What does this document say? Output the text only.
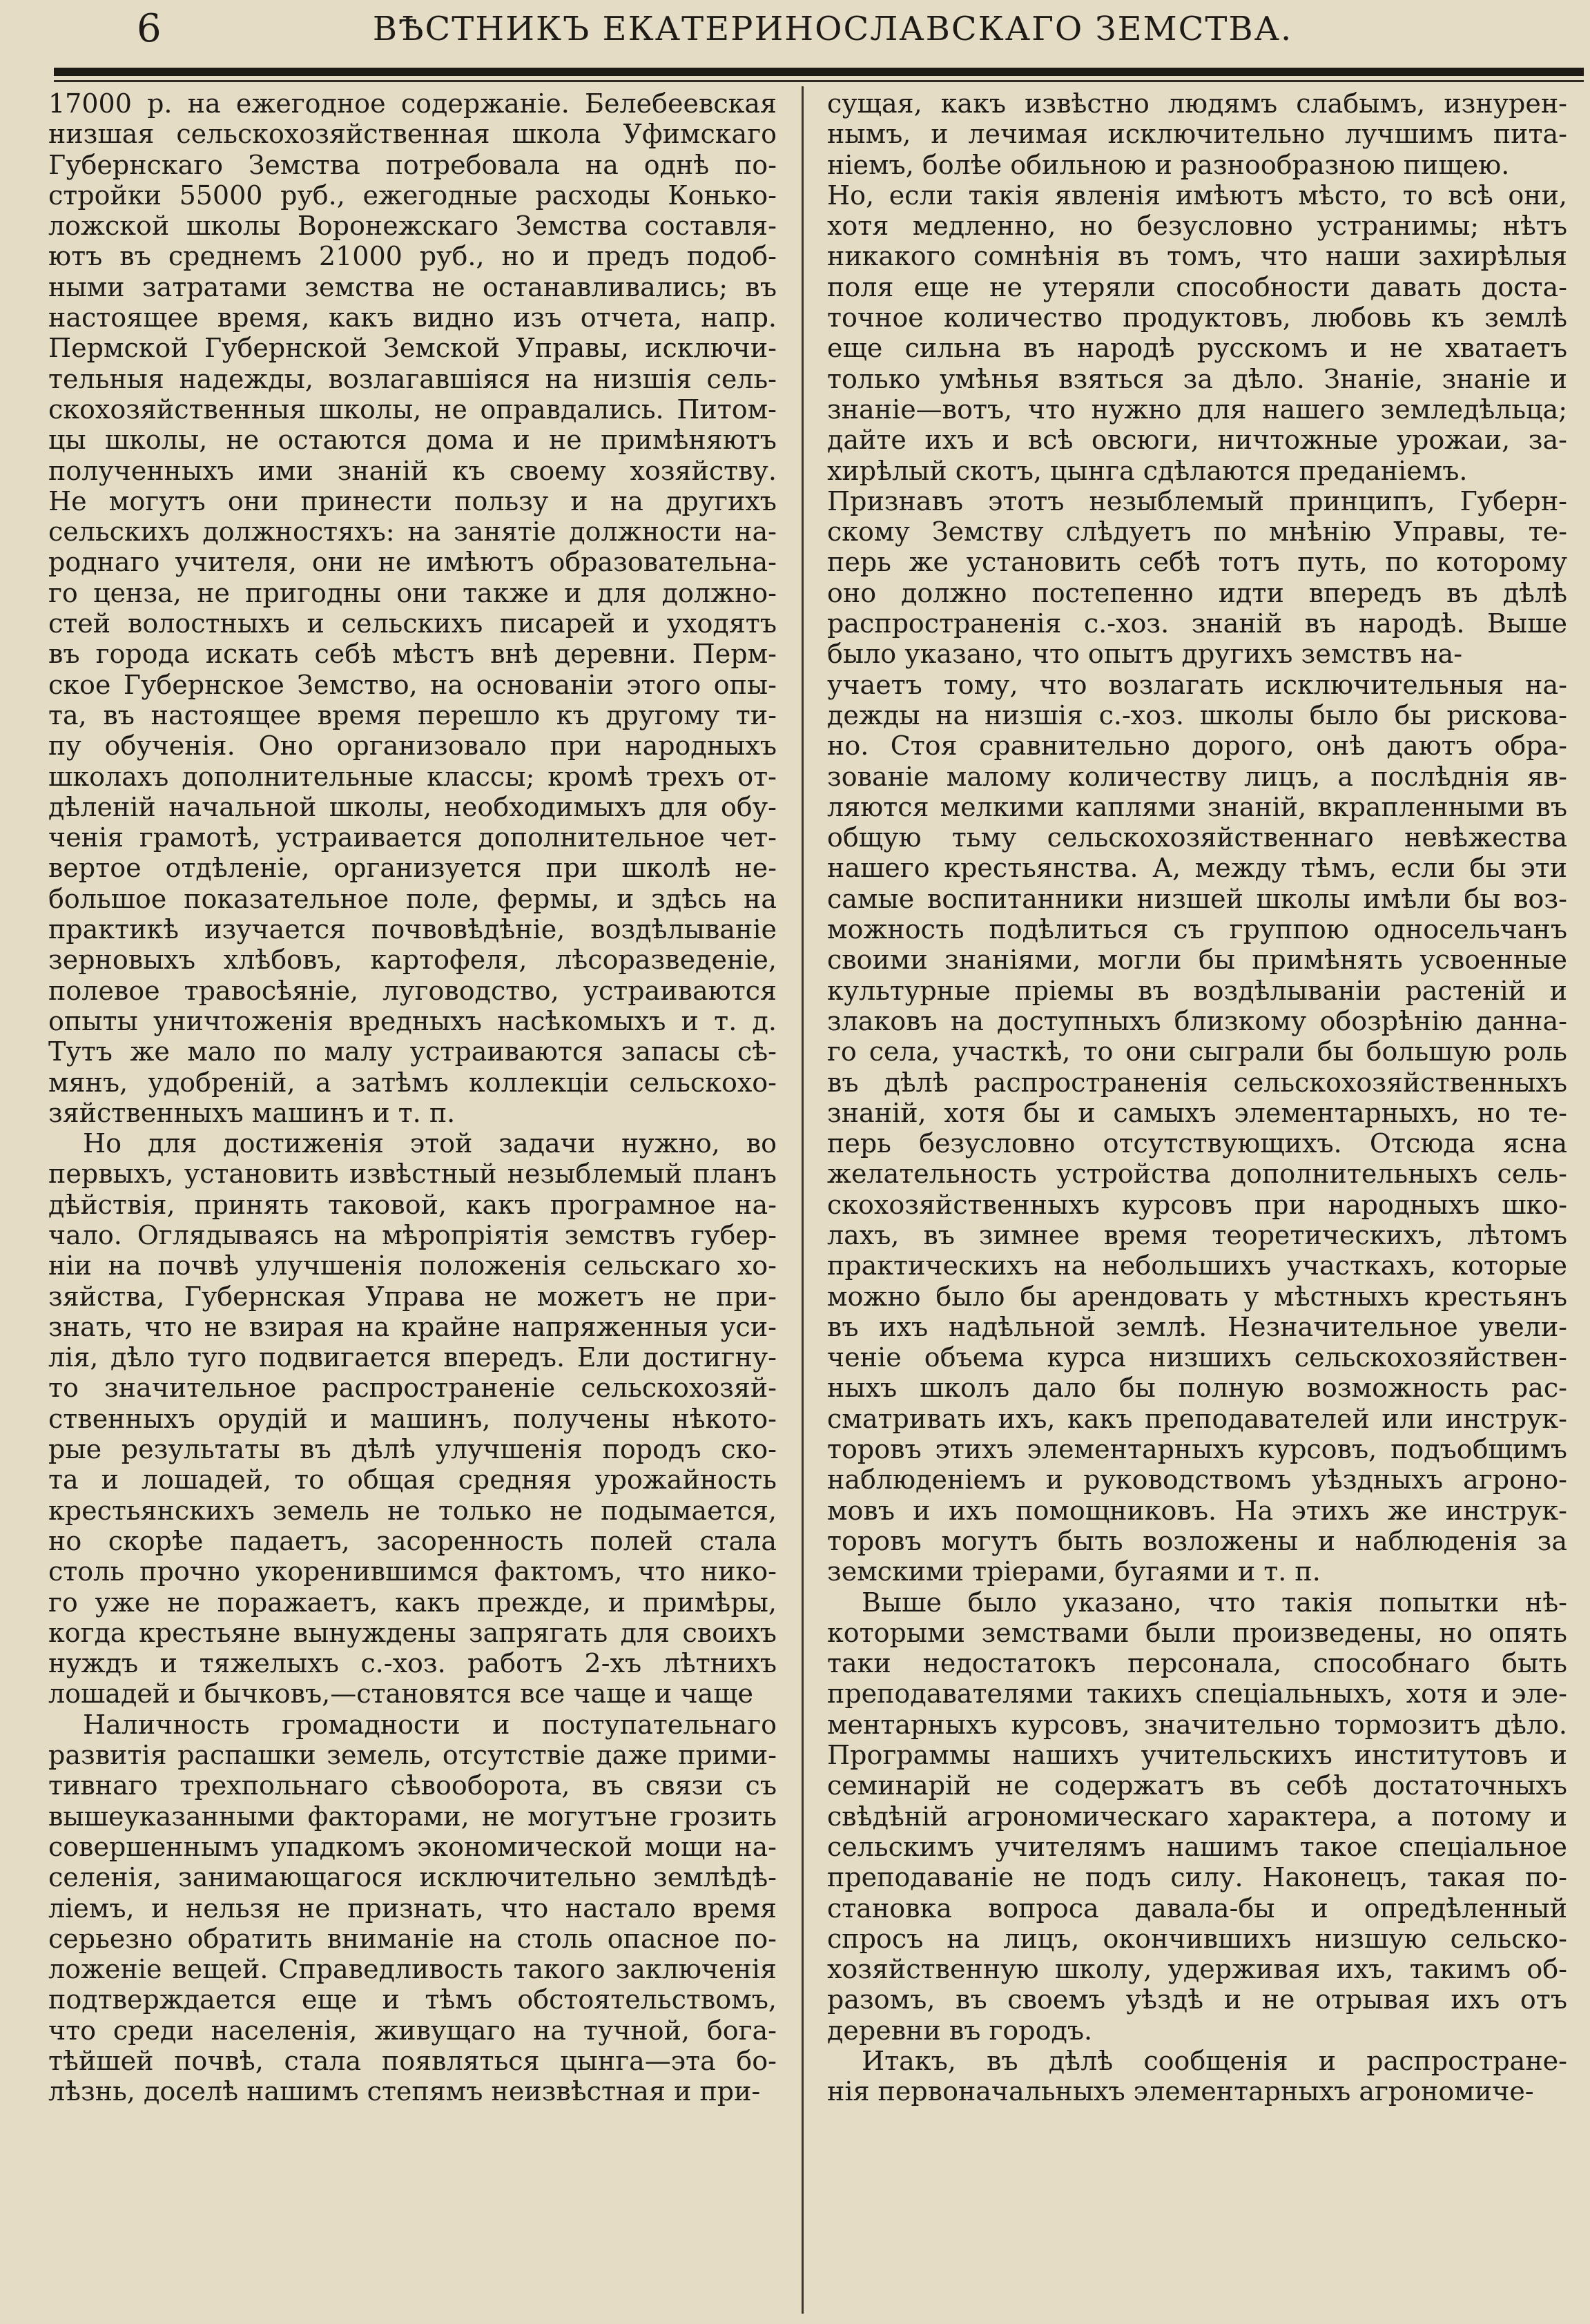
6	ВѢСТНИКЪ ЕКАТЕРИНОСЛАВСКАГО ЗЕМСТВА.

17000 р. на ежегодное содержаніе. Белебеевская

низшая сельскохозяйственная школа Уфимскаго

Губернскаго Земства потребовала на однѣ по-

стройки 55000 руб., ежегодные расходы Конько-

ложской школы Воронежскаго Земства составля-

ютъ въ среднемъ 21000 руб., но и предъ подоб-

ными затратами земства не останавливались; въ

настоящее время, какъ видно изъ отчета, напр.

Пермской Губернской Земской Управы, исключи-

тельныя надежды, возлагавшіяся на низшія сель-

скохозяйственныя школы, не оправдались. Питом-

цы школы, не остаются дома и не примѣняютъ

полученныхъ ими знаній къ своему хозяйству.

Не могутъ они принести пользу и на другихъ

сельскихъ должностяхъ: на занятіе должности на-

роднаго учителя, они не имѣютъ образовательна-

го ценза, не пригодны они также и для должно-

стей волостныхъ и сельскихъ писарей и уходятъ

въ города искать себѣ мѣстъ внѣ деревни. Перм-

ское Губернское Земство, на основаніи этого опы-

та, въ настоящее время перешло къ другому ти-

пу обученія. Оно организовало при народныхъ

школахъ дополнительные классы; кромѣ трехъ от-

дѣленій начальной школы, необходимыхъ для обу-

ченія грамотѣ, устраивается дополнительное чет-

вертое отдѣленіе, организуется при школѣ не-

большое показательное поле, фермы, и здѣсь на

практикѣ изучается почвовѣдѣніе, воздѣлываніе

зерновыхъ хлѣбовъ, картофеля, лѣсоразведеніе,

полевое травосѣяніе, луговодство, устраиваются

опыты уничтоженія вредныхъ насѣкомыхъ и т. д.

Тутъ же мало по малу устраиваются запасы сѣ-

мянъ, удобреній, а затѣмъ коллекціи сельскохо-

зяйственныхъ машинъ и т. п.

Но для достиженія этой задачи нужно, во

первыхъ, установить извѣстный незыблемый планъ

дѣйствія, принять таковой, какъ програмное на-

чало. Оглядываясь на мѣропріятія земствъ губер-

ніи на почвѣ улучшенія положенія сельскаго хо-

зяйства, Губернская Управа не можетъ не при-

знать, что не взирая на крайне напряженныя уси-

лія, дѣло туго подвигается впередъ. Ели достигну-

то значительное распространеніе сельскохозяй-

ственныхъ орудій и машинъ, получены нѣкото-

рые результаты въ дѣлѣ улучшенія породъ ско-

та и лошадей, то общая средняя урожайность

крестьянскихъ земель не только не подымается,

но скорѣе падаетъ, засоренность полей стала

столь прочно укоренившимся фактомъ, что нико-

го уже не поражаетъ, какъ прежде, и примѣры,

когда крестьяне вынуждены запрягать для своихъ

нуждъ и тяжелыхъ с.-хоз. работъ 2-хъ лѣтнихъ

лошадей и бычковъ,—становятся все чаще и чаще

Наличность громадности и поступательнаго

развитія распашки земель, отсутствіе даже прими-

тивнаго трехпольнаго сѣвооборота, въ связи съ

вышеуказанными факторами, не могутъне грозить

совершеннымъ упадкомъ экономической мощи на-

селенія, занимающагося исключительно землѣдѣ-

ліемъ, и нельзя не признать, что настало время

серьезно обратить вниманіе на столь опасное по-

ложеніе вещей. Справедливость такого заключенія

подтверждается еще и тѣмъ обстоятельствомъ,

что среди населенія, живущаго на тучной, бога-

тѣйшей почвѣ, стала появляться цынга—эта бо-

лѣзнь, доселѣ нашимъ степямъ неизвѣстная и при-

сущая, какъ извѣстно людямъ слабымъ, изнурен-

нымъ, и лечимая исключительно лучшимъ пита-

ніемъ, болѣе обильною и разнообразною пищею.

Но, если такія явленія имѣютъ мѣсто, то всѣ они,

хотя медленно, но безусловно устранимы; нѣтъ

никакого сомнѣнія въ томъ, что наши захирѣлыя

поля еще не утеряли способности давать доста-

точное количество продуктовъ, любовь къ землѣ

еще сильна въ народѣ русскомъ и не хватаетъ

только умѣнья взяться за дѣло. Знаніе, знаніе и

знаніе—вотъ, что нужно для нашего земледѣльца;

дайте ихъ и всѣ овсюги, ничтожные урожаи, за-

хирѣлый скотъ, цынга сдѣлаются преданіемъ.

Признавъ этотъ незыблемый принципъ, Губерн-

скому Земству слѣдуетъ по мнѣнію Управы, те-

перь же установить себѣ тотъ путь, по которому

оно должно постепенно идти впередъ въ дѣлѣ

распространенія с.-хоз. знаній въ народѣ. Выше

было указано, что опытъ другихъ земствъ на-

учаетъ тому, что возлагать исключительныя на-

дежды на низшія с.-хоз. школы было бы рискова-

но. Стоя сравнительно дорого, онѣ даютъ обра-

зованіе малому количеству лицъ, а послѣднія яв-

ляются мелкими каплями знаній, вкрапленными въ

общую тьму сельскохозяйственнаго невѣжества

нашего крестьянства. А, между тѣмъ, если бы эти

самые воспитанники низшей школы имѣли бы воз-

можность подѣлиться съ группою односельчанъ

своими знаніями, могли бы примѣнять усвоенные

культурные пріемы въ воздѣлываніи растеній и

злаковъ на доступныхъ близкому обозрѣнію данна-

го села, участкѣ, то они сыграли бы большую роль

въ дѣлѣ распространенія сельскохозяйственныхъ

знаній, хотя бы и самыхъ элементарныхъ, но те-

перь безусловно отсутствующихъ. Отсюда ясна

желательность устройства дополнительныхъ сель-

скохозяйственныхъ курсовъ при народныхъ шко-

лахъ, въ зимнее время теоретическихъ, лѣтомъ

практическихъ на небольшихъ участкахъ, которые

можно было бы арендовать у мѣстныхъ крестьянъ

въ ихъ надѣльной землѣ. Незначительное увели-

ченіе объема курса низшихъ сельскохозяйствен-

ныхъ школъ дало бы полную возможность рас-

сматривать ихъ, какъ преподавателей или инструк-

торовъ этихъ элементарныхъ курсовъ, подъобщимъ

наблюденіемъ и руководствомъ уѣздныхъ агроно-

мовъ и ихъ помощниковъ. На этихъ же инструк-

торовъ могутъ быть возложены и наблюденія за

земскими тріерами, бугаями и т. п.

Выше было указано, что такія попытки нѣ-

которыми земствами были произведены, но опять

таки недостатокъ персонала, способнаго быть

преподавателями такихъ спеціальныхъ, хотя и эле-

ментарныхъ курсовъ, значительно тормозитъ дѣло.

Программы нашихъ учительскихъ институтовъ и

семинарій не содержатъ въ себѣ достаточныхъ

свѣдѣній агрономическаго характера, а потому и

сельскимъ учителямъ нашимъ такое спеціальное

преподаваніе не подъ силу. Наконецъ, такая по-

становка вопроса давала-бы и опредѣленный

спросъ на лицъ, окончившихъ низшую сельско-

хозяйственную школу, удерживая ихъ, такимъ об-

разомъ, въ своемъ уѣздѣ и не отрывая ихъ отъ

деревни въ городъ.

Итакъ, въ дѣлѣ сообщенія и распростране-

нія первоначальныхъ элементарныхъ агрономиче-
